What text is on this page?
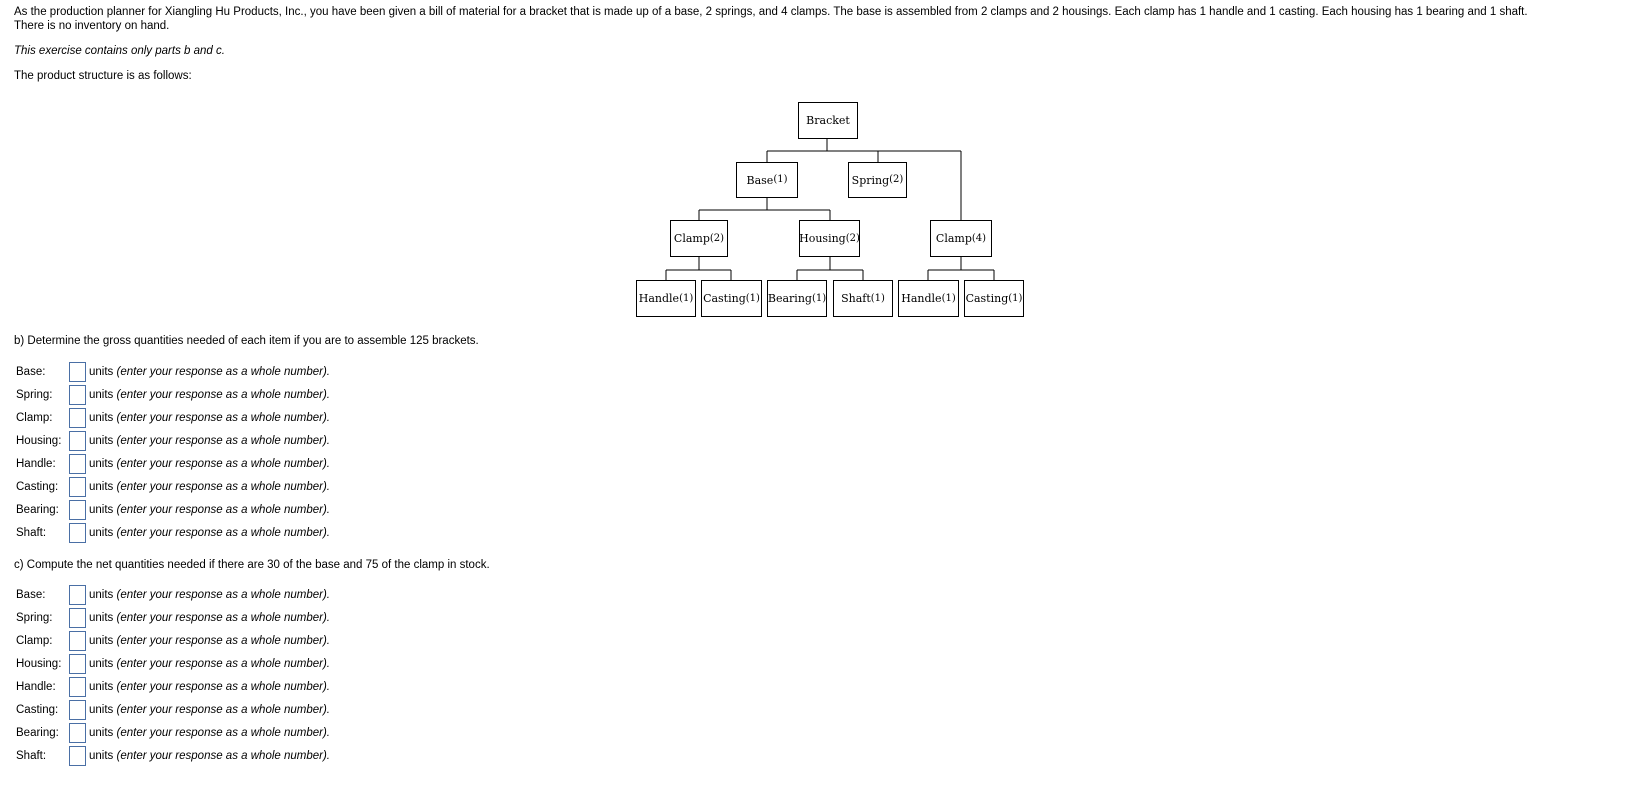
As the production planner for Xiangling Hu Products, Inc., you have been given a bill of material for a bracket that is made up of a base, 2 springs, and 4 clamps. The base is assembled from 2 clamps and 2 housings. Each clamp has 1 handle and 1 casting. Each housing has 1 bearing and 1 shaft.

There is no inventory on hand.

This exercise contains only parts b and c.

The product structure is as follows:

Bracket
Base (1)	Spring (2)
Clamp (2)	Housing (2)	Clamp (4)
Handle (1) Casting (1) Bearing (1) Shaft (1) Handle (1) Casting (1)

b) Determine the gross quantities needed of each item if you are to assemble 125 brackets.

Base:	units
(enter your response as a whole number).
Spring:	units
(enter your response as a whole number).
Clamp:	units
(enter your response as a whole number).
Housing:	units
(enter your response as a whole number).
Handle:	units
(enter your response as a whole number).
Casting:	units
(enter your response as a whole number).
Bearing:	units
(enter your response as a whole number).
Shaft:	units
(enter your response as a whole number).

c) Compute the net quantities needed if there are 30 of the base and 75 of the clamp in stock.

Base:	units
(enter your response as a whole number).
Spring:	units
(enter your response as a whole number).
Clamp:	units
(enter your response as a whole number).
Housing:	units
(enter your response as a whole number).
Handle:	units
(enter your response as a whole number).
Casting:	units
(enter your response as a whole number).
Bearing:	units
(enter your response as a whole number).
Shaft:	units
(enter your response as a whole number).
